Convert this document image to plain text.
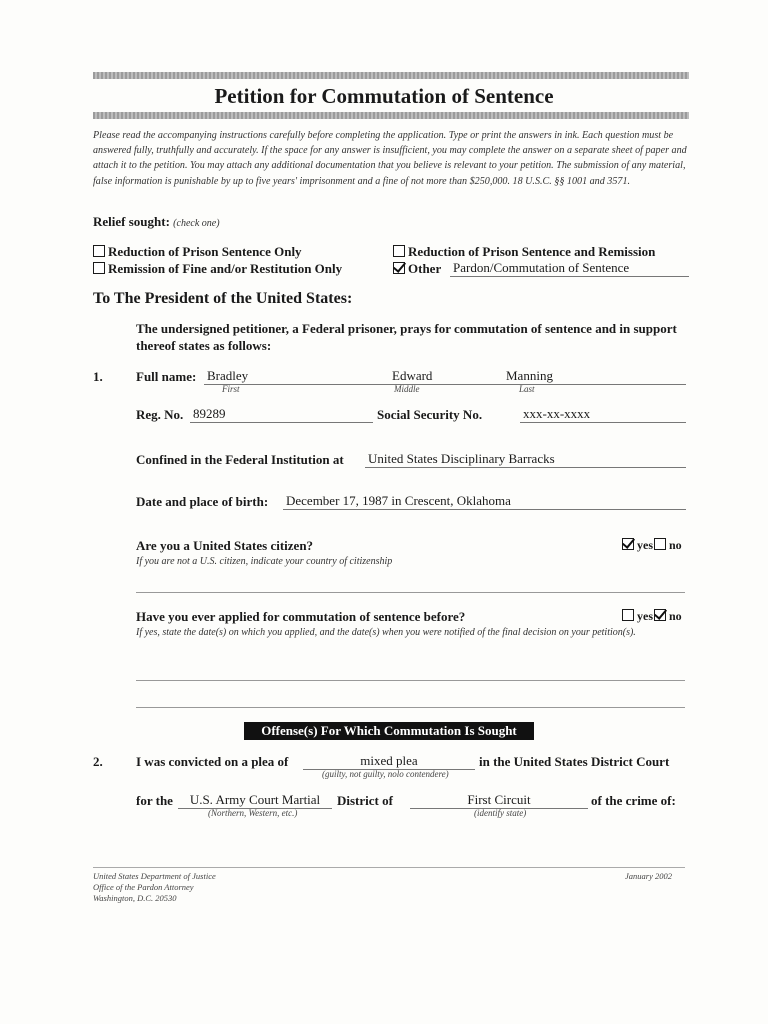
Petition for Commutation of Sentence
Please read the accompanying instructions carefully before completing the application. Type or print the answers in ink. Each question must be answered fully, truthfully and accurately. If the space for any answer is insufficient, you may complete the answer on a separate sheet of paper and attach it to the petition. You may attach any additional documentation that you believe is relevant to your petition. The submission of any material, false information is punishable by up to five years' imprisonment and a fine of not more than $250,000. 18 U.S.C. §§ 1001 and 3571.
Relief sought: (check one)
Reduction of Prison Sentence Only
Remission of Fine and/or Restitution Only
Reduction of Prison Sentence and Remission
Other Pardon/Commutation of Sentence
To The President of the United States:
The undersigned petitioner, a Federal prisoner, prays for commutation of sentence and in support thereof states as follows:
1.	Full name: Bradley	Edward	Manning
First	Middle	Last
Reg. No. 89289	Social Security No.	xxx-xx-xxxx
Confined in the Federal Institution at United States Disciplinary Barracks
Date and place of birth: December 17, 1987 in Crescent, Oklahoma
Are you a United States citizen?
If you are not a U.S. citizen, indicate your country of citizenship
yes no
Have you ever applied for commutation of sentence before?
If yes, state the date(s) on which you applied, and the date(s) when you were notified of the final decision on your petition(s).
yes no
Offense(s) For Which Commutation Is Sought
2.	I was convicted on a plea of	mixed plea
(guilty, not guilty, nolo contendere)
in the United States District Court
for the	U.S. Army Court Martial
(Northern, Western, etc.)
District of	First Circuit
(identify state)
of the crime of:
United States Department of Justice
Office of the Pardon Attorney
Washington, D.C. 20530
January 2002
